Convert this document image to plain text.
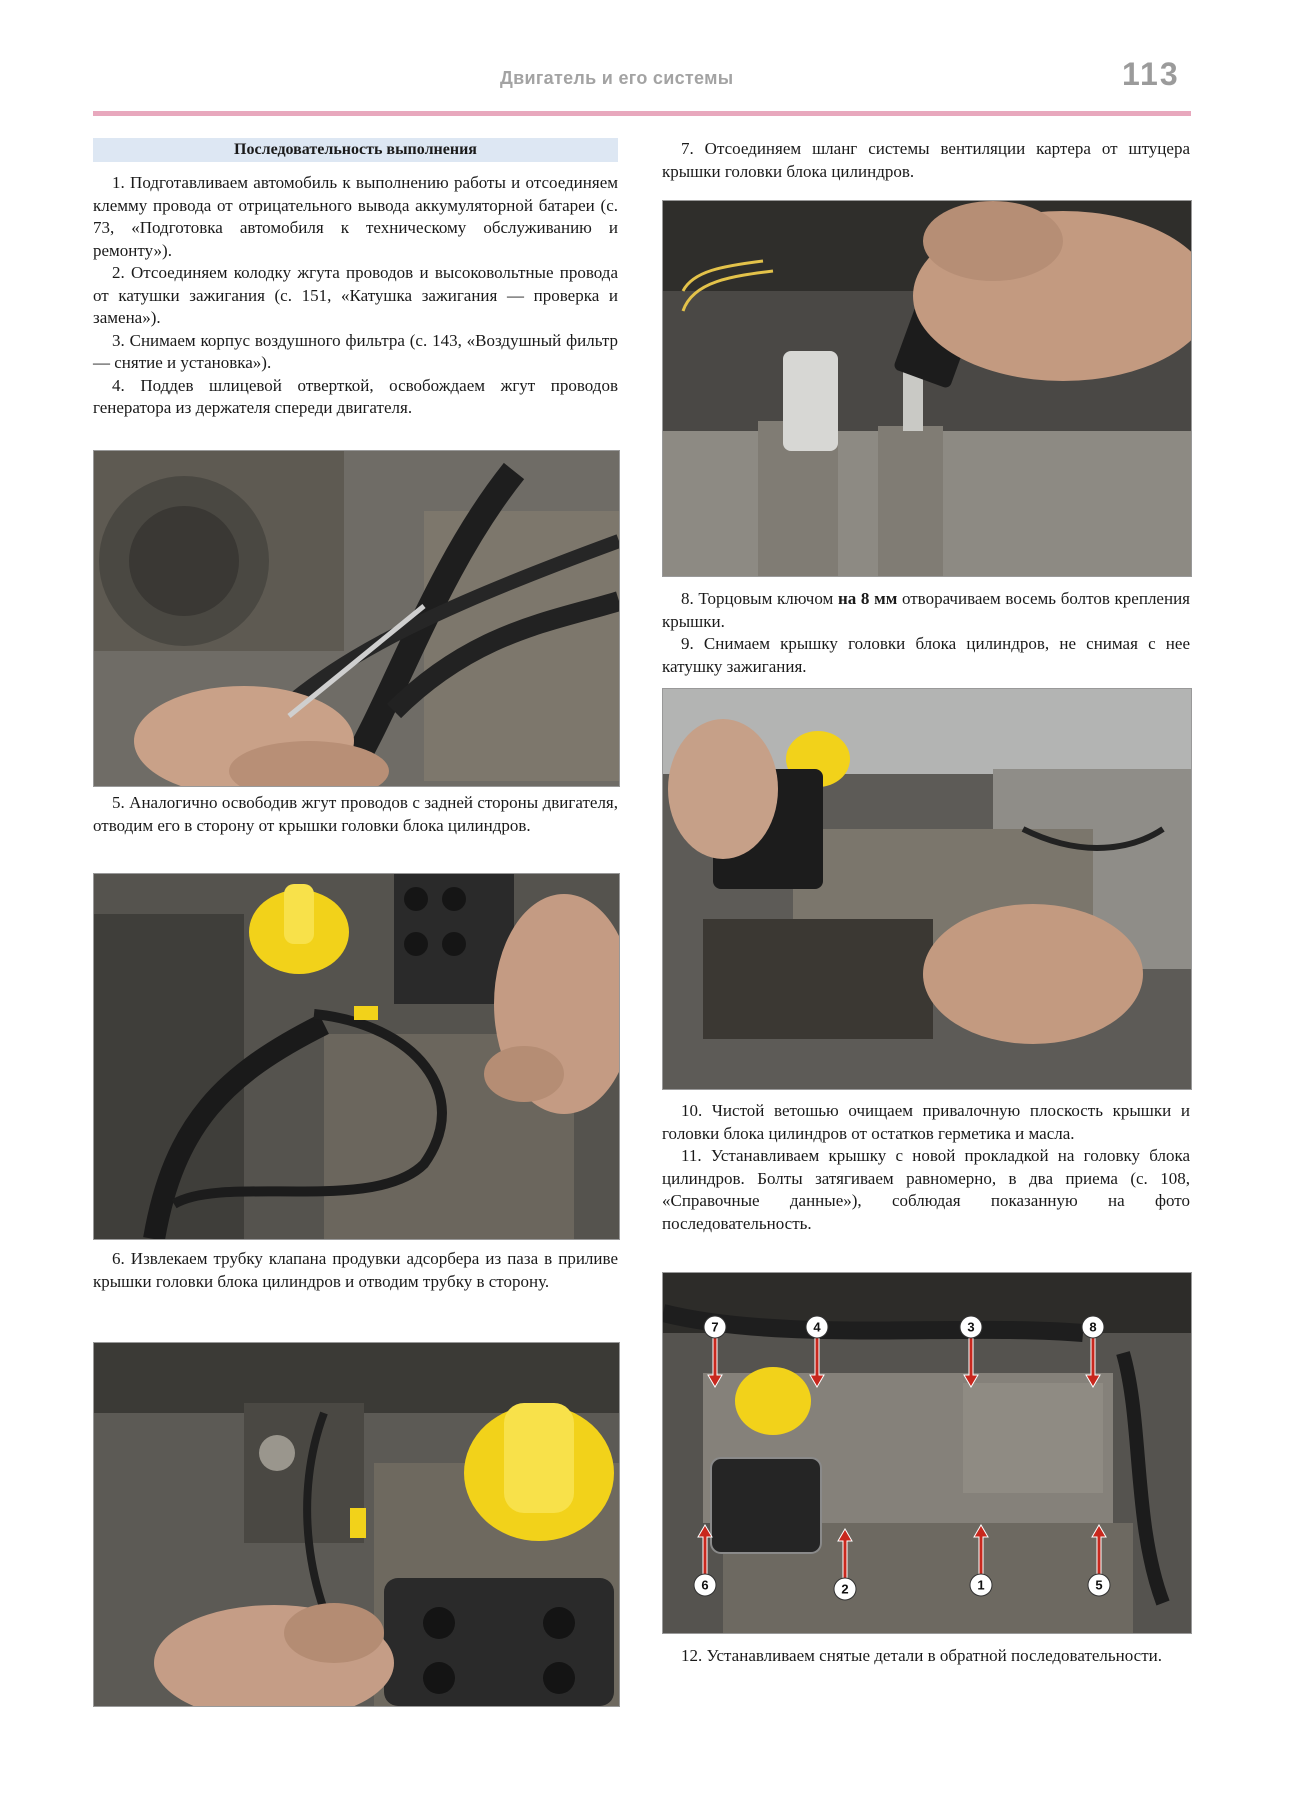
Двигатель и его системы	113
Последовательность выполнения

1. Подготавливаем автомобиль к выполнению работы и отсоединяем клемму провода от отрицательного вывода аккумуляторной батареи (с. 73, «Подготовка автомобиля к техническому обслуживанию и ремонту»).

2. Отсоединяем колодку жгута проводов и высоковольтные провода от катушки зажигания (с. 151, «Катушка зажигания — проверка и замена»).

3. Снимаем корпус воздушного фильтра (с. 143, «Воздушный фильтр — снятие и установка»).

4. Поддев шлицевой отверткой, освобождаем жгут проводов генератора из держателя спереди двигателя.

5. Аналогично освободив жгут проводов с задней стороны двигателя, отводим его в сторону от крышки головки блока цилиндров.

6. Извлекаем трубку клапана продувки адсорбера из паза в приливе крышки головки блока цилиндров и отводим трубку в сторону.

7. Отсоединяем шланг системы вентиляции картера от штуцера крышки головки блока цилиндров.

8. Торцовым ключом на 8 мм отворачиваем восемь болтов крепления крышки.

9. Снимаем крышку головки блока цилиндров, не снимая с нее катушку зажигания.

10. Чистой ветошью очищаем привалочную плоскость крышки и головки блока цилиндров от остатков герметика и масла.

11. Устанавливаем крышку с новой прокладкой на головку блока цилиндров. Болты затягиваем равномерно, в два приема (с. 108, «Справочные данные»), соблюдая показанную на фото последовательность.

7	4	3	8
6	2	1	5

12. Устанавливаем снятые детали в обратной последовательности.
